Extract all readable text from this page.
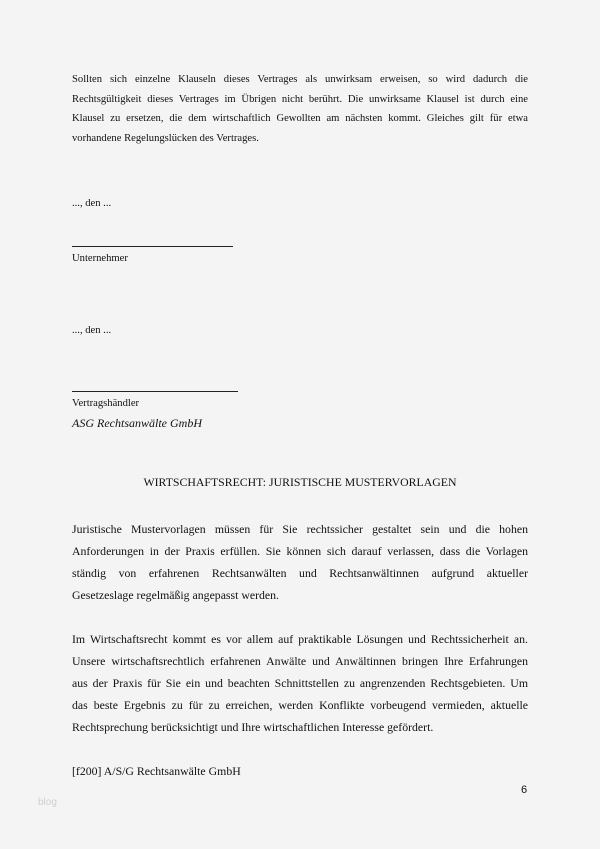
Sollten sich einzelne Klauseln dieses Vertrages als unwirksam erweisen, so wird dadurch die
Rechtsgültigkeit dieses Vertrages im Übrigen nicht berührt. Die unwirksame Klausel ist durch eine
Klausel zu ersetzen, die dem wirtschaftlich Gewollten am nächsten kommt. Gleiches gilt für etwa
vorhandene Regelungslücken des Vertrages.
..., den ...
Unternehmer
..., den ...
Vertragshändler
ASG Rechtsanwälte GmbH
WIRTSCHAFTSRECHT: JURISTISCHE MUSTERVORLAGEN
Juristische Mustervorlagen müssen für Sie rechtssicher gestaltet sein und die hohen
Anforderungen in der Praxis erfüllen. Sie können sich darauf verlassen, dass die Vorlagen
ständig von erfahrenen Rechtsanwälten und Rechtsanwältinnen aufgrund aktueller
Gesetzeslage regelmäßig angepasst werden.
Im Wirtschaftsrecht kommt es vor allem auf praktikable Lösungen und Rechtssicherheit an.
Unsere wirtschaftsrechtlich erfahrenen Anwälte und Anwältinnen bringen Ihre Erfahrungen
aus der Praxis für Sie ein und beachten Schnittstellen zu angrenzenden Rechtsgebieten. Um
das beste Ergebnis zu für zu erreichen, werden Konflikte vorbeugend vermieden, aktuelle
Rechtsprechung berücksichtigt und Ihre wirtschaftlichen Interesse gefördert.
[f200] A/S/G Rechtsanwälte GmbH
6
blog
